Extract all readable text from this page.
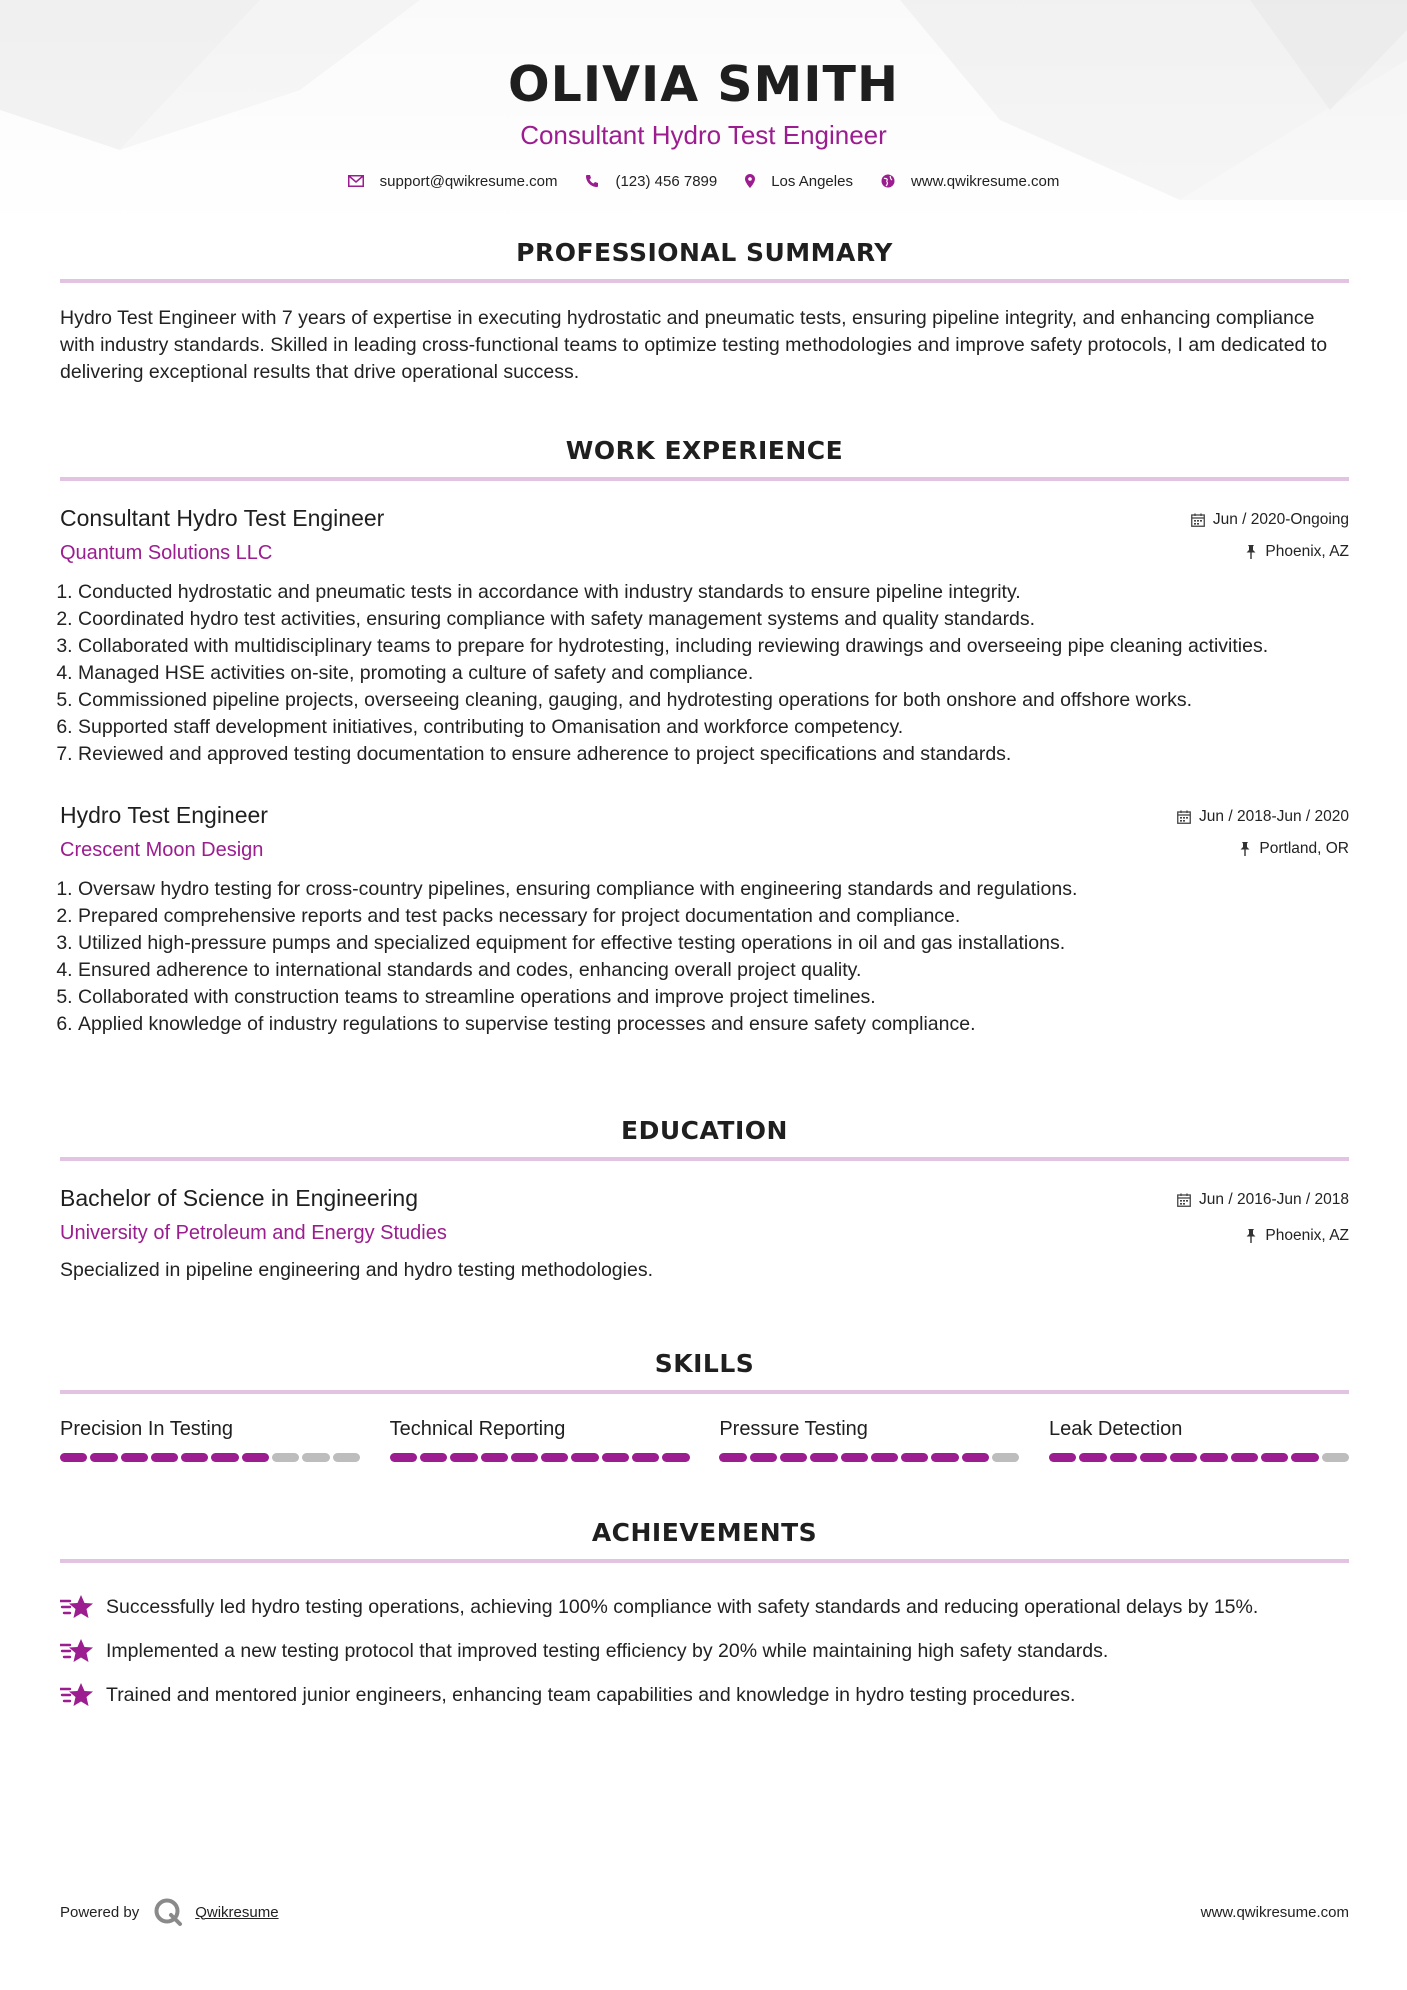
OLIVIA SMITH
Consultant Hydro Test Engineer
support@qwikresume.com	(123) 456 7899	Los Angeles	www.qwikresume.com
PROFESSIONAL SUMMARY
Hydro Test Engineer with 7 years of expertise in executing hydrostatic and pneumatic tests, ensuring pipeline integrity, and enhancing compliance with industry standards. Skilled in leading cross-functional teams to optimize testing methodologies and improve safety protocols, I am dedicated to delivering exceptional results that drive operational success.
WORK EXPERIENCE
Consultant Hydro Test Engineer
Quantum Solutions LLC
Jun / 2020-Ongoing
Phoenix, AZ
1. Conducted hydrostatic and pneumatic tests in accordance with industry standards to ensure pipeline integrity.
2. Coordinated hydro test activities, ensuring compliance with safety management systems and quality standards.
3. Collaborated with multidisciplinary teams to prepare for hydrotesting, including reviewing drawings and overseeing pipe cleaning activities.
4. Managed HSE activities on-site, promoting a culture of safety and compliance.
5. Commissioned pipeline projects, overseeing cleaning, gauging, and hydrotesting operations for both onshore and offshore works.
6. Supported staff development initiatives, contributing to Omanisation and workforce competency.
7. Reviewed and approved testing documentation to ensure adherence to project specifications and standards.
Hydro Test Engineer
Crescent Moon Design
Jun / 2018-Jun / 2020
Portland, OR
1. Oversaw hydro testing for cross-country pipelines, ensuring compliance with engineering standards and regulations.
2. Prepared comprehensive reports and test packs necessary for project documentation and compliance.
3. Utilized high-pressure pumps and specialized equipment for effective testing operations in oil and gas installations.
4. Ensured adherence to international standards and codes, enhancing overall project quality.
5. Collaborated with construction teams to streamline operations and improve project timelines.
6. Applied knowledge of industry regulations to supervise testing processes and ensure safety compliance.
EDUCATION
Bachelor of Science in Engineering
University of Petroleum and Energy Studies
Jun / 2016-Jun / 2018
Phoenix, AZ
Specialized in pipeline engineering and hydro testing methodologies.
SKILLS
Precision In Testing	Technical Reporting	Pressure Testing	Leak Detection
ACHIEVEMENTS
Successfully led hydro testing operations, achieving 100% compliance with safety standards and reducing operational delays by 15%.
Implemented a new testing protocol that improved testing efficiency by 20% while maintaining high safety standards.
Trained and mentored junior engineers, enhancing team capabilities and knowledge in hydro testing procedures.
Powered by	Qwikresume	www.qwikresume.com
